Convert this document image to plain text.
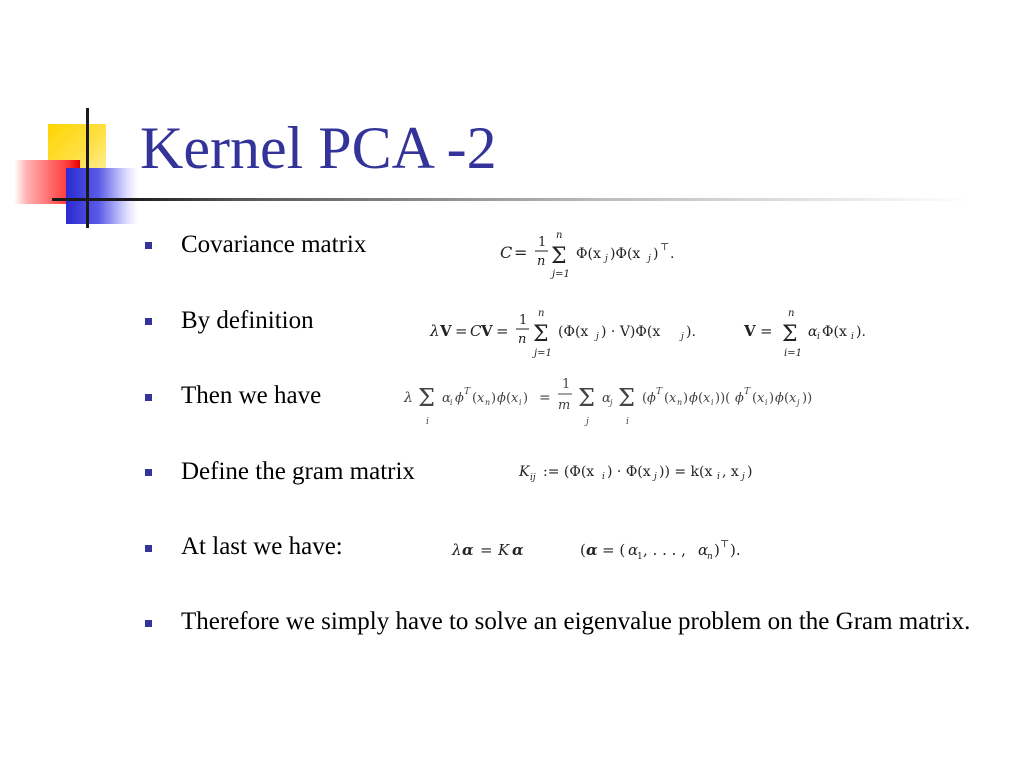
Kernel PCA -2
Covariance matrix	C =
1
n
n
Σ
j=1
Φ(x j )Φ(x j ) ⊤ .
By definition	λ V = C V =
1
n
n
Σ
j=1
(Φ(x j ) · V)Φ(x j ).	V =
n
Σ
i=1
α i Φ(x i ).
Then we have	λ Σ
i
α i ϕ T ( x n ) ϕ ( x i ) =
1
m Σ
j
α j Σ
i
( ϕ T ( x n ) ϕ ( x i ))( ϕ T ( x i ) ϕ ( x j ))
Define the gram matrix	K ij := (Φ(x i ) · Φ(x j )) = k(x i , x j )
At last we have:	λ α = K α	( α = ( α
1 , . . . , α
n ) ⊤ ).
Therefore we simply have to solve an eigenvalue problem on the Gram matrix.
